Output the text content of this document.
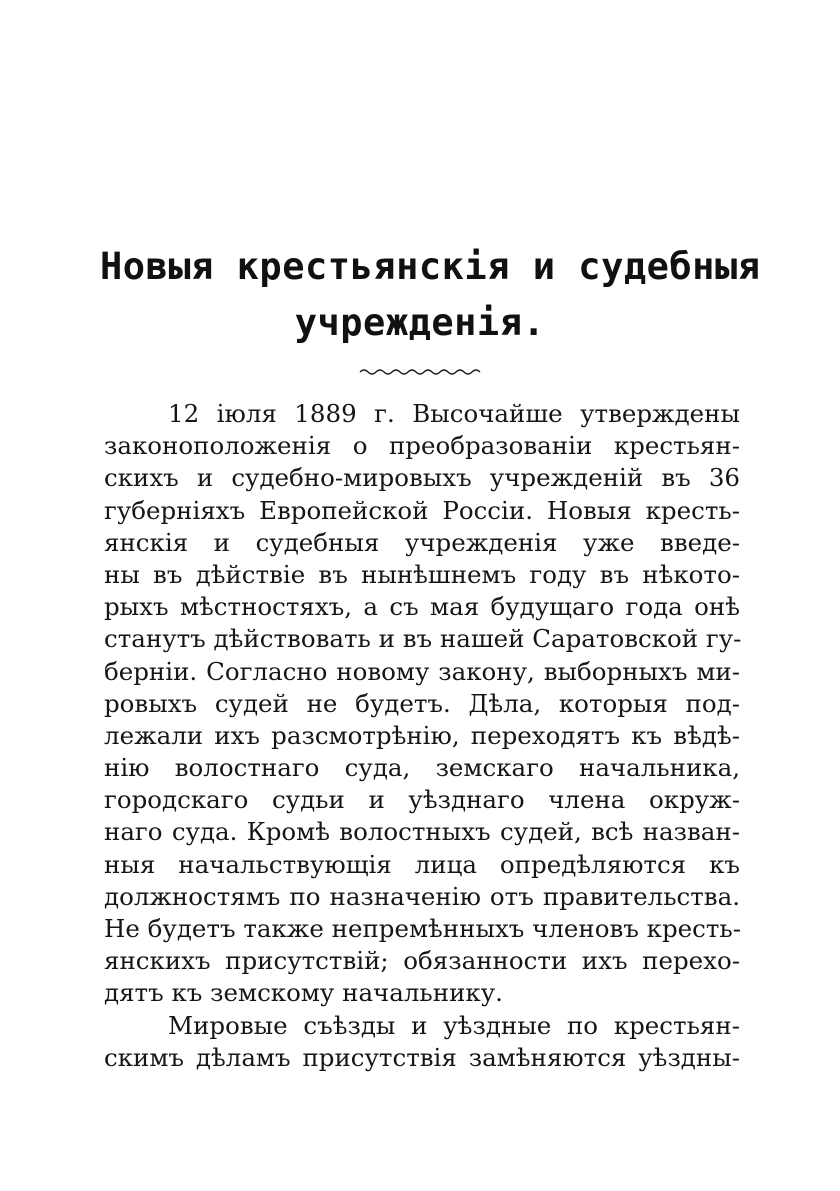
Новыя крестьянскія и судебныя
учрежденія.
12 іюля 1889 г. Высочайше утверждены
законоположенія о преобразованіи крестьян-
скихъ и судебно-мировыхъ учрежденій въ 36
губерніяхъ Европейской Россіи. Новыя кресть-
янскія и судебныя учрежденія уже введе-
ны въ дѣйствіе въ нынѣшнемъ году въ нѣкото-
рыхъ мѣстностяхъ, а съ мая будущаго года онѣ
станутъ дѣйствовать и въ нашей Саратовской гу-
берніи. Согласно новому закону, выборныхъ ми-
ровыхъ судей не будетъ. Дѣла, которыя под-
лежали ихъ разсмотрѣнію, переходятъ къ вѣдѣ-
нію волостнаго суда, земскаго начальника,
городскаго судьи и уѣзднаго члена окруж-
наго суда. Кромѣ волостныхъ судей, всѣ назван-
ныя начальствующія лица опредѣляются къ
должностямъ по назначенію отъ правительства.
Не будетъ также непремѣнныхъ членовъ кресть-
янскихъ присутствій; обязанности ихъ перехо-
дятъ къ земскому начальнику.
Мировые съѣзды и уѣздные по крестьян-
скимъ дѣламъ присутствія замѣняются уѣздны-
